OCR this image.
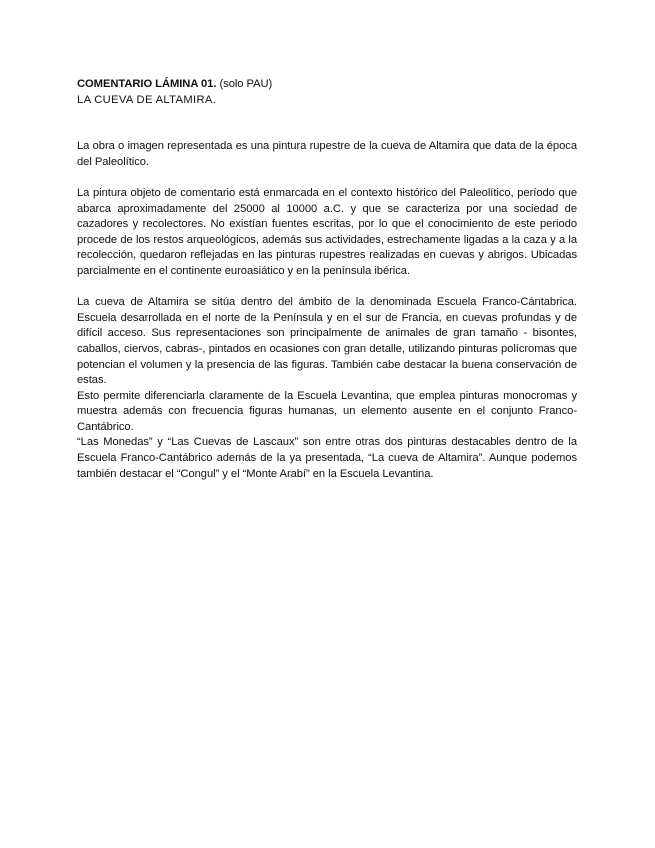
COMENTARIO LÁMINA 01. (solo PAU)

LA CUEVA DE ALTAMIRA.

La obra o imagen representada es una pintura rupestre de la cueva de Altamira que data de la época del Paleolítico.

La pintura objeto de comentario está enmarcada en el contexto histórico del Paleolítico, período que abarca aproximadamente del 25000 al 10000 a.C. y que se caracteriza por una sociedad de cazadores y recolectores. No existían fuentes escritas, por lo que el conocimiento de este periodo procede de los restos arqueológicos, además sus actividades, estrechamente ligadas a la caza y a la recolección, quedaron reflejadas en las pinturas rupestres realizadas en cuevas y abrigos. Ubicadas parcialmente en el continente euroasiático y en la península ibérica.

La cueva de Altamira se sitúa dentro del ámbito de la denominada Escuela Franco-Cántabrica. Escuela desarrollada en el norte de la Península y en el sur de Francia, en cuevas profundas y de difícil acceso. Sus representaciones son principalmente de animales de gran tamaño - bisontes, caballos, ciervos, cabras-, pintados en ocasiones con gran detalle, utilizando pinturas polícromas que potencian el volumen y la presencia de las figuras. También cabe destacar la buena conservación de estas.

Esto permite diferenciarla claramente de la Escuela Levantina, que emplea pinturas monocromas y muestra además con frecuencia figuras humanas, un elemento ausente en el conjunto Franco-Cantábrico.

“Las Monedas” y “Las Cuevas de Lascaux” son entre otras dos pinturas destacables dentro de la Escuela Franco-Cantábrico además de la ya presentada, “La cueva de Altamira”. Aunque podemos también destacar el “Congul” y el “Monte Arabí” en la Escuela Levantina.
